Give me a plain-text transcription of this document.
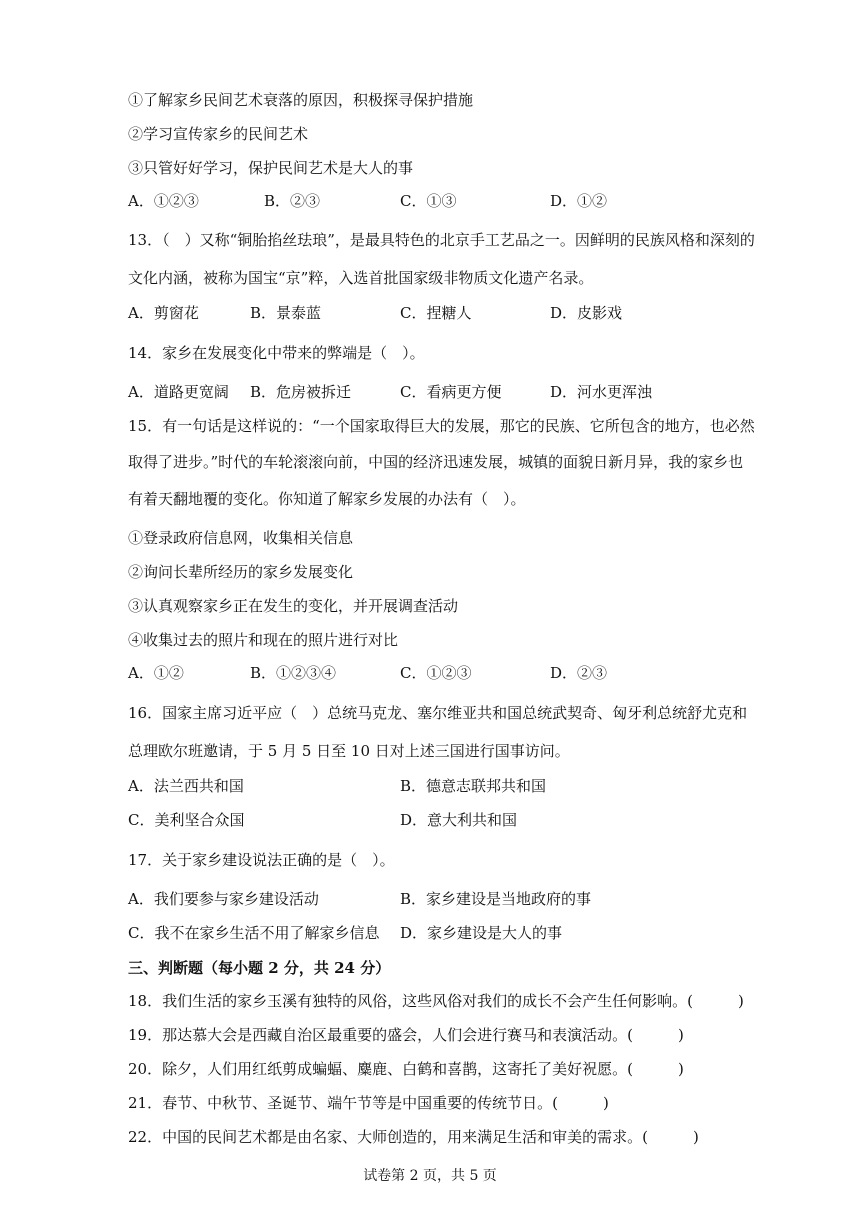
①了解家乡民间艺术衰落的原因，积极探寻保护措施
②学习宣传家乡的民间艺术
③只管好好学习，保护民间艺术是大人的事
A．①②③	B．②③	C．①③	D．①②
13．（　）又称“铜胎掐丝珐琅”，是最具特色的北京手工艺品之一。因鲜明的民族风格和深刻的
文化内涵，被称为国宝“京”粹，入选首批国家级非物质文化遗产名录。
A．剪窗花	B．景泰蓝	C．捏糖人	D．皮影戏
14．家乡在发展变化中带来的弊端是（　）。
A．道路更宽阔 B．危房被拆迁	C．看病更方便	D．河水更浑浊
15．有一句话是这样说的：“一个国家取得巨大的发展，那它的民族、它所包含的地方，也必然
取得了进步。”时代的车轮滚滚向前，中国的经济迅速发展，城镇的面貌日新月异，我的家乡也
有着天翻地覆的变化。你知道了解家乡发展的办法有（　）。
①登录政府信息网，收集相关信息
②询问长辈所经历的家乡发展变化
③认真观察家乡正在发生的变化，并开展调查活动
④收集过去的照片和现在的照片进行对比
A．①②	B．①②③④	C．①②③	D．②③
16．国家主席习近平应（　）总统马克龙、塞尔维亚共和国总统武契奇、匈牙利总统舒尤克和
总理欧尔班邀请，于 5 月 5 日至 10 日对上述三国进行国事访问。
A．法兰西共和国	B．德意志联邦共和国
C．美利坚合众国	D．意大利共和国
17．关于家乡建设说法正确的是（　）。
A．我们要参与家乡建设活动	B．家乡建设是当地政府的事
C．我不在家乡生活不用了解家乡信息 D．家乡建设是大人的事
三、判断题（每小题 2 分，共 24 分）
18．我们生活的家乡玉溪有独特的风俗，这些风俗对我们的成长不会产生任何影响。(　　　)
19．那达慕大会是西藏自治区最重要的盛会，人们会进行赛马和表演活动。(　　　)
20．除夕，人们用红纸剪成蝙蝠、麋鹿、白鹤和喜鹊，这寄托了美好祝愿。(　　　)
21．春节、中秋节、圣诞节、端午节等是中国重要的传统节日。(　　　)
22．中国的民间艺术都是由名家、大师创造的，用来满足生活和审美的需求。(　　　)
试卷第 2 页，共 5 页
